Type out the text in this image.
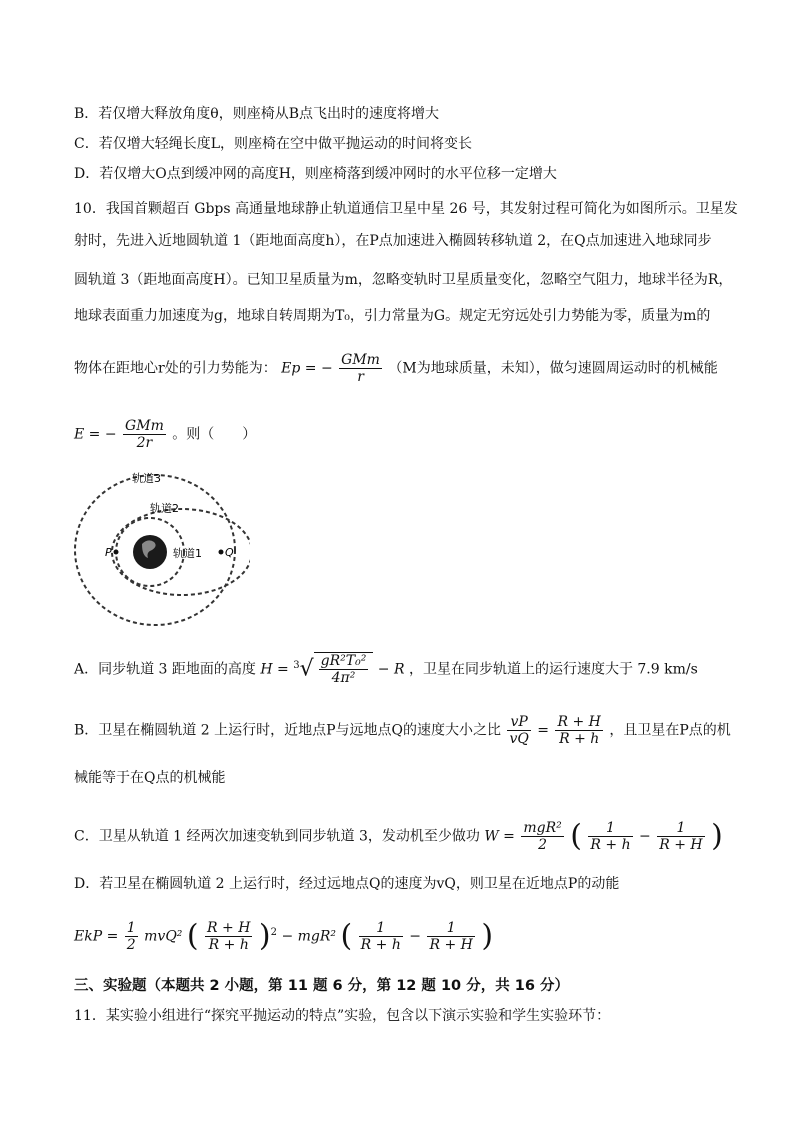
B．若仅增大释放角度θ，则座椅从B点飞出时的速度将增大
C．若仅增大轻绳长度L，则座椅在空中做平抛运动的时间将变长
D．若仅增大O点到缓冲网的高度H，则座椅落到缓冲网时的水平位移一定增大
10．我国首颗超百 Gbps 高通量地球静止轨道通信卫星中星 26 号，其发射过程可简化为如图所示。卫星发
射时，先进入近地圆轨道 1（距地面高度h），在P点加速进入椭圆转移轨道 2，在Q点加速进入地球同步
圆轨道 3（距地面高度H）。已知卫星质量为m，忽略变轨时卫星质量变化，忽略空气阻力，地球半径为R，
地球表面重力加速度为g，地球自转周期为T₀，引力常量为G。规定无穷远处引力势能为零，质量为m的
物体在距地心r处的引力势能为： Ep = − $\frac{\text{GMm}}{r} (M$为地球质量，未知），做匀速圆周运动时的机械能
E = − $\frac{\text{GMm}}{2r}$ 。则（　　）
轨道3
轨道2
轨道1
P	Q
A．同步轨道 3 距地面的高度 $H = ^3√ \frac{\text{gR²T₀²}}{\text{4π²}} - R$ ，卫星在同步轨道上的运行速度大于 7.9 km/s
B．卫星在椭圆轨道 2 上运行时，近地点P与远地点Q的速度大小之比 $\frac{vP}{vQ} = \frac{R + H}{R + h}$ ，且卫星在P点的机
械能等于在Q点的机械能
C．卫星从轨道 1 经两次加速变轨到同步轨道 3，发动机至少做功 $W = \frac{\text{mgR²}}{2}$ ( $\frac{1}{R + h} - \frac{1}{R + H}$ )
D．若卫星在椭圆轨道 2 上运行时，经过远地点Q的速度为vQ，则卫星在近地点P的动能
EkP = $\frac{1}{2} mvQ^2$ ( $\frac{R + H}{R + h} )^2 - mgR^2$ ( $\frac{1}{R + h} - \frac{1}{R + H}$ )
三、实验题（本题共 2 小题，第 11 题 6 分，第 12 题 10 分，共 16 分）
11．某实验小组进行“探究平抛运动的特点”实验，包含以下演示实验和学生实验环节：
